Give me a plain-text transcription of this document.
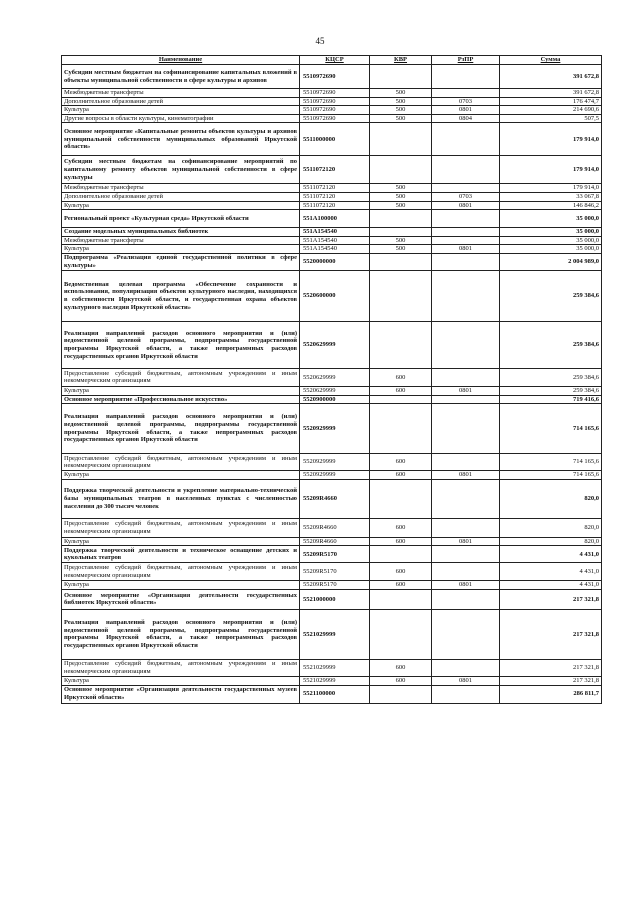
45
Наименование	КЦСР	КВР	РзПР	Сумма
Субсидии местным бюджетам на софинансирование капитальных вложений в объекты муниципальной собственности в сфере культуры и архивов	5510972690			391 672,8
Межбюджетные трансферты	5510972690	500		391 672,8
Дополнительное образование детей	5510972690	500	0703	176 474,7
Культура	5510972690	500	0801	214 690,6
Другие вопросы в области культуры, кинематографии	5510972690	500	0804	507,5
Основное мероприятие «Капитальные ремонты объектов культуры и архивов муниципальной собственности муниципальных образований Иркутской области»	5511000000			179 914,0
Субсидии местным бюджетам на софинансирование мероприятий по капитальному ремонту объектов муниципальной собственности в сфере культуры	5511072120			179 914,0
Межбюджетные трансферты	5511072120	500		179 914,0
Дополнительное образование детей	5511072120	500	0703	33 067,8
Культура	5511072120	500	0801	146 846,2
Региональный проект «Культурная среда» Иркутской области	551A100000			35 000,0
Создание модельных муниципальных библиотек	551A154540			35 000,0
Межбюджетные трансферты	551A154540	500		35 000,0
Культура	551A154540	500	0801	35 000,0
Подпрограмма «Реализация единой государственной политики в сфере культуры»	5520000000			2 004 989,0
Ведомственная целевая программа «Обеспечение сохранности и использования, популяризация объектов культурного наследия, находящихся в собственности Иркутской области, и государственная охрана объектов культурного наследия Иркутской области»	5520600000			259 384,6
Реализация направлений расходов основного мероприятия и (или) ведомственной целевой программы, подпрограммы государственной программы Иркутской области, а также непрограммных расходов государственных органов Иркутской области	5520629999			259 384,6
Предоставление субсидий бюджетным, автономным учреждениям и иным некоммерческим организациям	5520629999	600		259 384,6
Культура	5520629999	600	0801	259 384,6
Основное мероприятие «Профессиональное искусство»	5520900000			719 416,6
Реализация направлений расходов основного мероприятия и (или) ведомственной целевой программы, подпрограммы государственной программы Иркутской области, а также непрограммных расходов государственных органов Иркутской области	5520929999			714 165,6
Предоставление субсидий бюджетным, автономным учреждениям и иным некоммерческим организациям	5520929999	600		714 165,6
Культура	5520929999	600	0801	714 165,6
Поддержка творческой деятельности и укрепление материально-технической базы муниципальных театров в населенных пунктах с численностью населения до 300 тысяч человек	55209R4660			820,0
Предоставление субсидий бюджетным, автономным учреждениям и иным некоммерческим организациям	55209R4660	600		820,0
Культура	55209R4660	600	0801	820,0
Поддержка творческой деятельности и техническое оснащение детских и кукольных театров	55209R5170			4 431,0
Предоставление субсидий бюджетным, автономным учреждениям и иным некоммерческим организациям	55209R5170	600		4 431,0
Культура	55209R5170	600	0801	4 431,0
Основное мероприятие «Организация деятельности государственных библиотек Иркутской области»	5521000000			217 321,8
Реализация направлений расходов основного мероприятия и (или) ведомственной целевой программы, подпрограммы государственной программы Иркутской области, а также непрограммных расходов государственных органов Иркутской области	5521029999			217 321,8
Предоставление субсидий бюджетным, автономным учреждениям и иным некоммерческим организациям	5521029999	600		217 321,8
Культура	5521029999	600	0801	217 321,8
Основное мероприятие «Организация деятельности государственных музеев Иркутской области»	5521100000			286 811,7
